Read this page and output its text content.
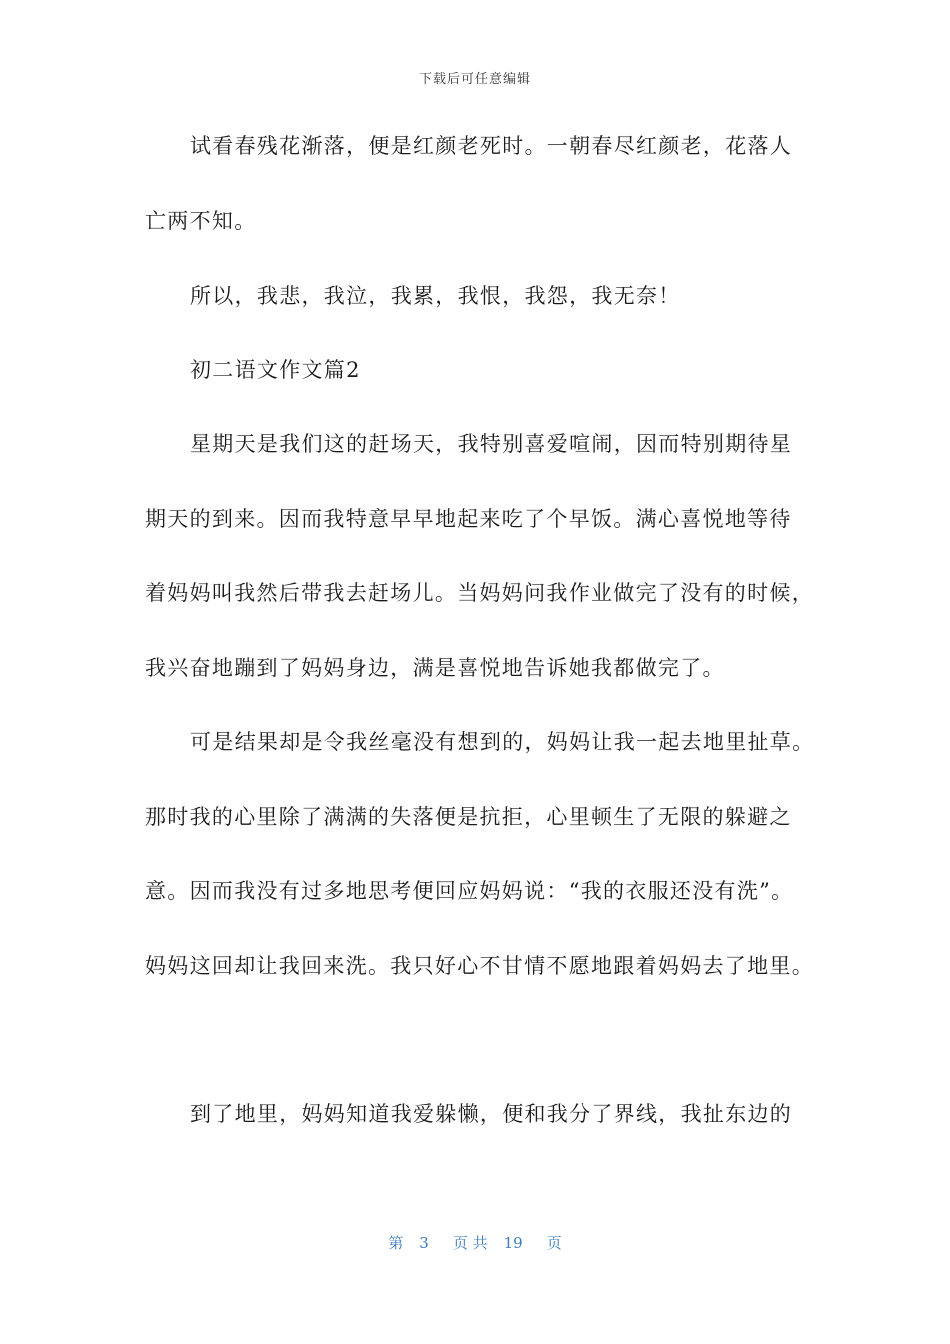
下载后可任意编辑
试看春残花渐落，便是红颜老死时。一朝春尽红颜老，花落人
亡两不知。
所以，我悲，我泣，我累，我恨，我怨，我无奈！
初二语文作文篇2
星期天是我们这的赶场天，我特别喜爱喧闹，因而特别期待星
期天的到来。因而我特意早早地起来吃了个早饭。满心喜悦地等待
着妈妈叫我然后带我去赶场儿。当妈妈问我作业做完了没有的时候，
我兴奋地蹦到了妈妈身边，满是喜悦地告诉她我都做完了。
可是结果却是令我丝毫没有想到的，妈妈让我一起去地里扯草。
那时我的心里除了满满的失落便是抗拒，心里顿生了无限的躲避之
意。因而我没有过多地思考便回应妈妈说：“我的衣服还没有洗”。
妈妈这回却让我回来洗。我只好心不甘情不愿地跟着妈妈去了地里。
到了地里，妈妈知道我爱躲懒，便和我分了界线，我扯东边的
第 3 页 共 19 页
